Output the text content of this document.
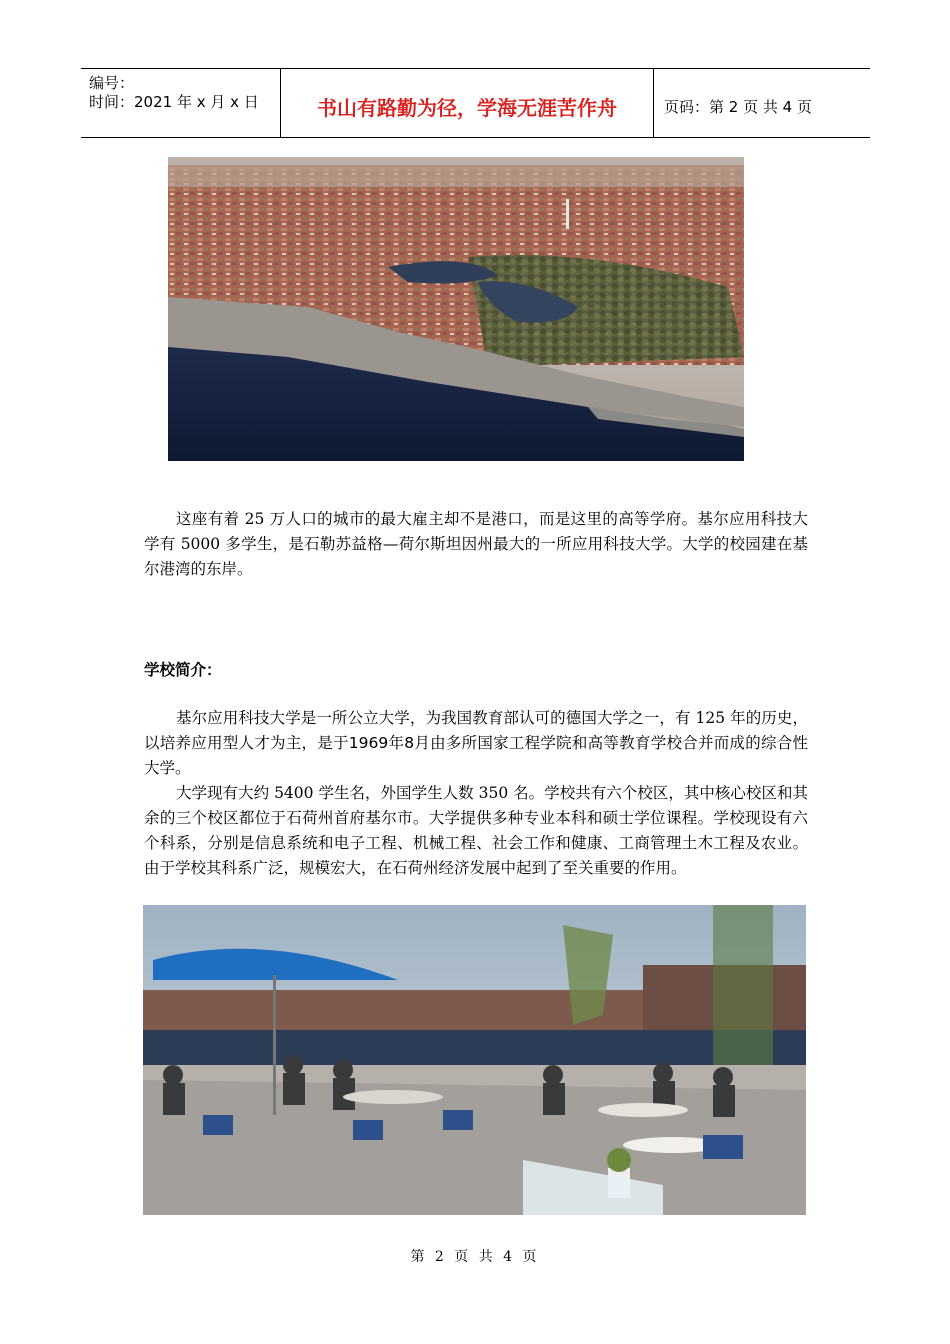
编号：
时间：2021 年 x 月 x 日	书山有路勤为径，学海无涯苦作舟	页码：第 2 页 共 4 页

这座有着 25 万人口的城市的最大雇主却不是港口，而是这里的高等学府。基尔应用科技大学有 5000 多学生，是石勒苏益格—荷尔斯坦因州最大的一所应用科技大学。大学的校园建在基尔港湾的东岸。

学校简介：

基尔应用科技大学是一所公立大学，为我国教育部认可的德国大学之一，有 125 年的历史，以培养应用型人才为主，是于1969年8月由多所国家工程学院和高等教育学校合并而成的综合性大学。

大学现有大约 5400 学生名，外国学生人数 350 名。学校共有六个校区，其中核心校区和其余的三个校区都位于石荷州首府基尔市。大学提供多种专业本科和硕士学位课程。学校现设有六个科系，分别是信息系统和电子工程、机械工程、社会工作和健康、工商管理土木工程及农业。由于学校其科系广泛，规模宏大，在石荷州经济发展中起到了至关重要的作用。

第 2 页 共 4 页
